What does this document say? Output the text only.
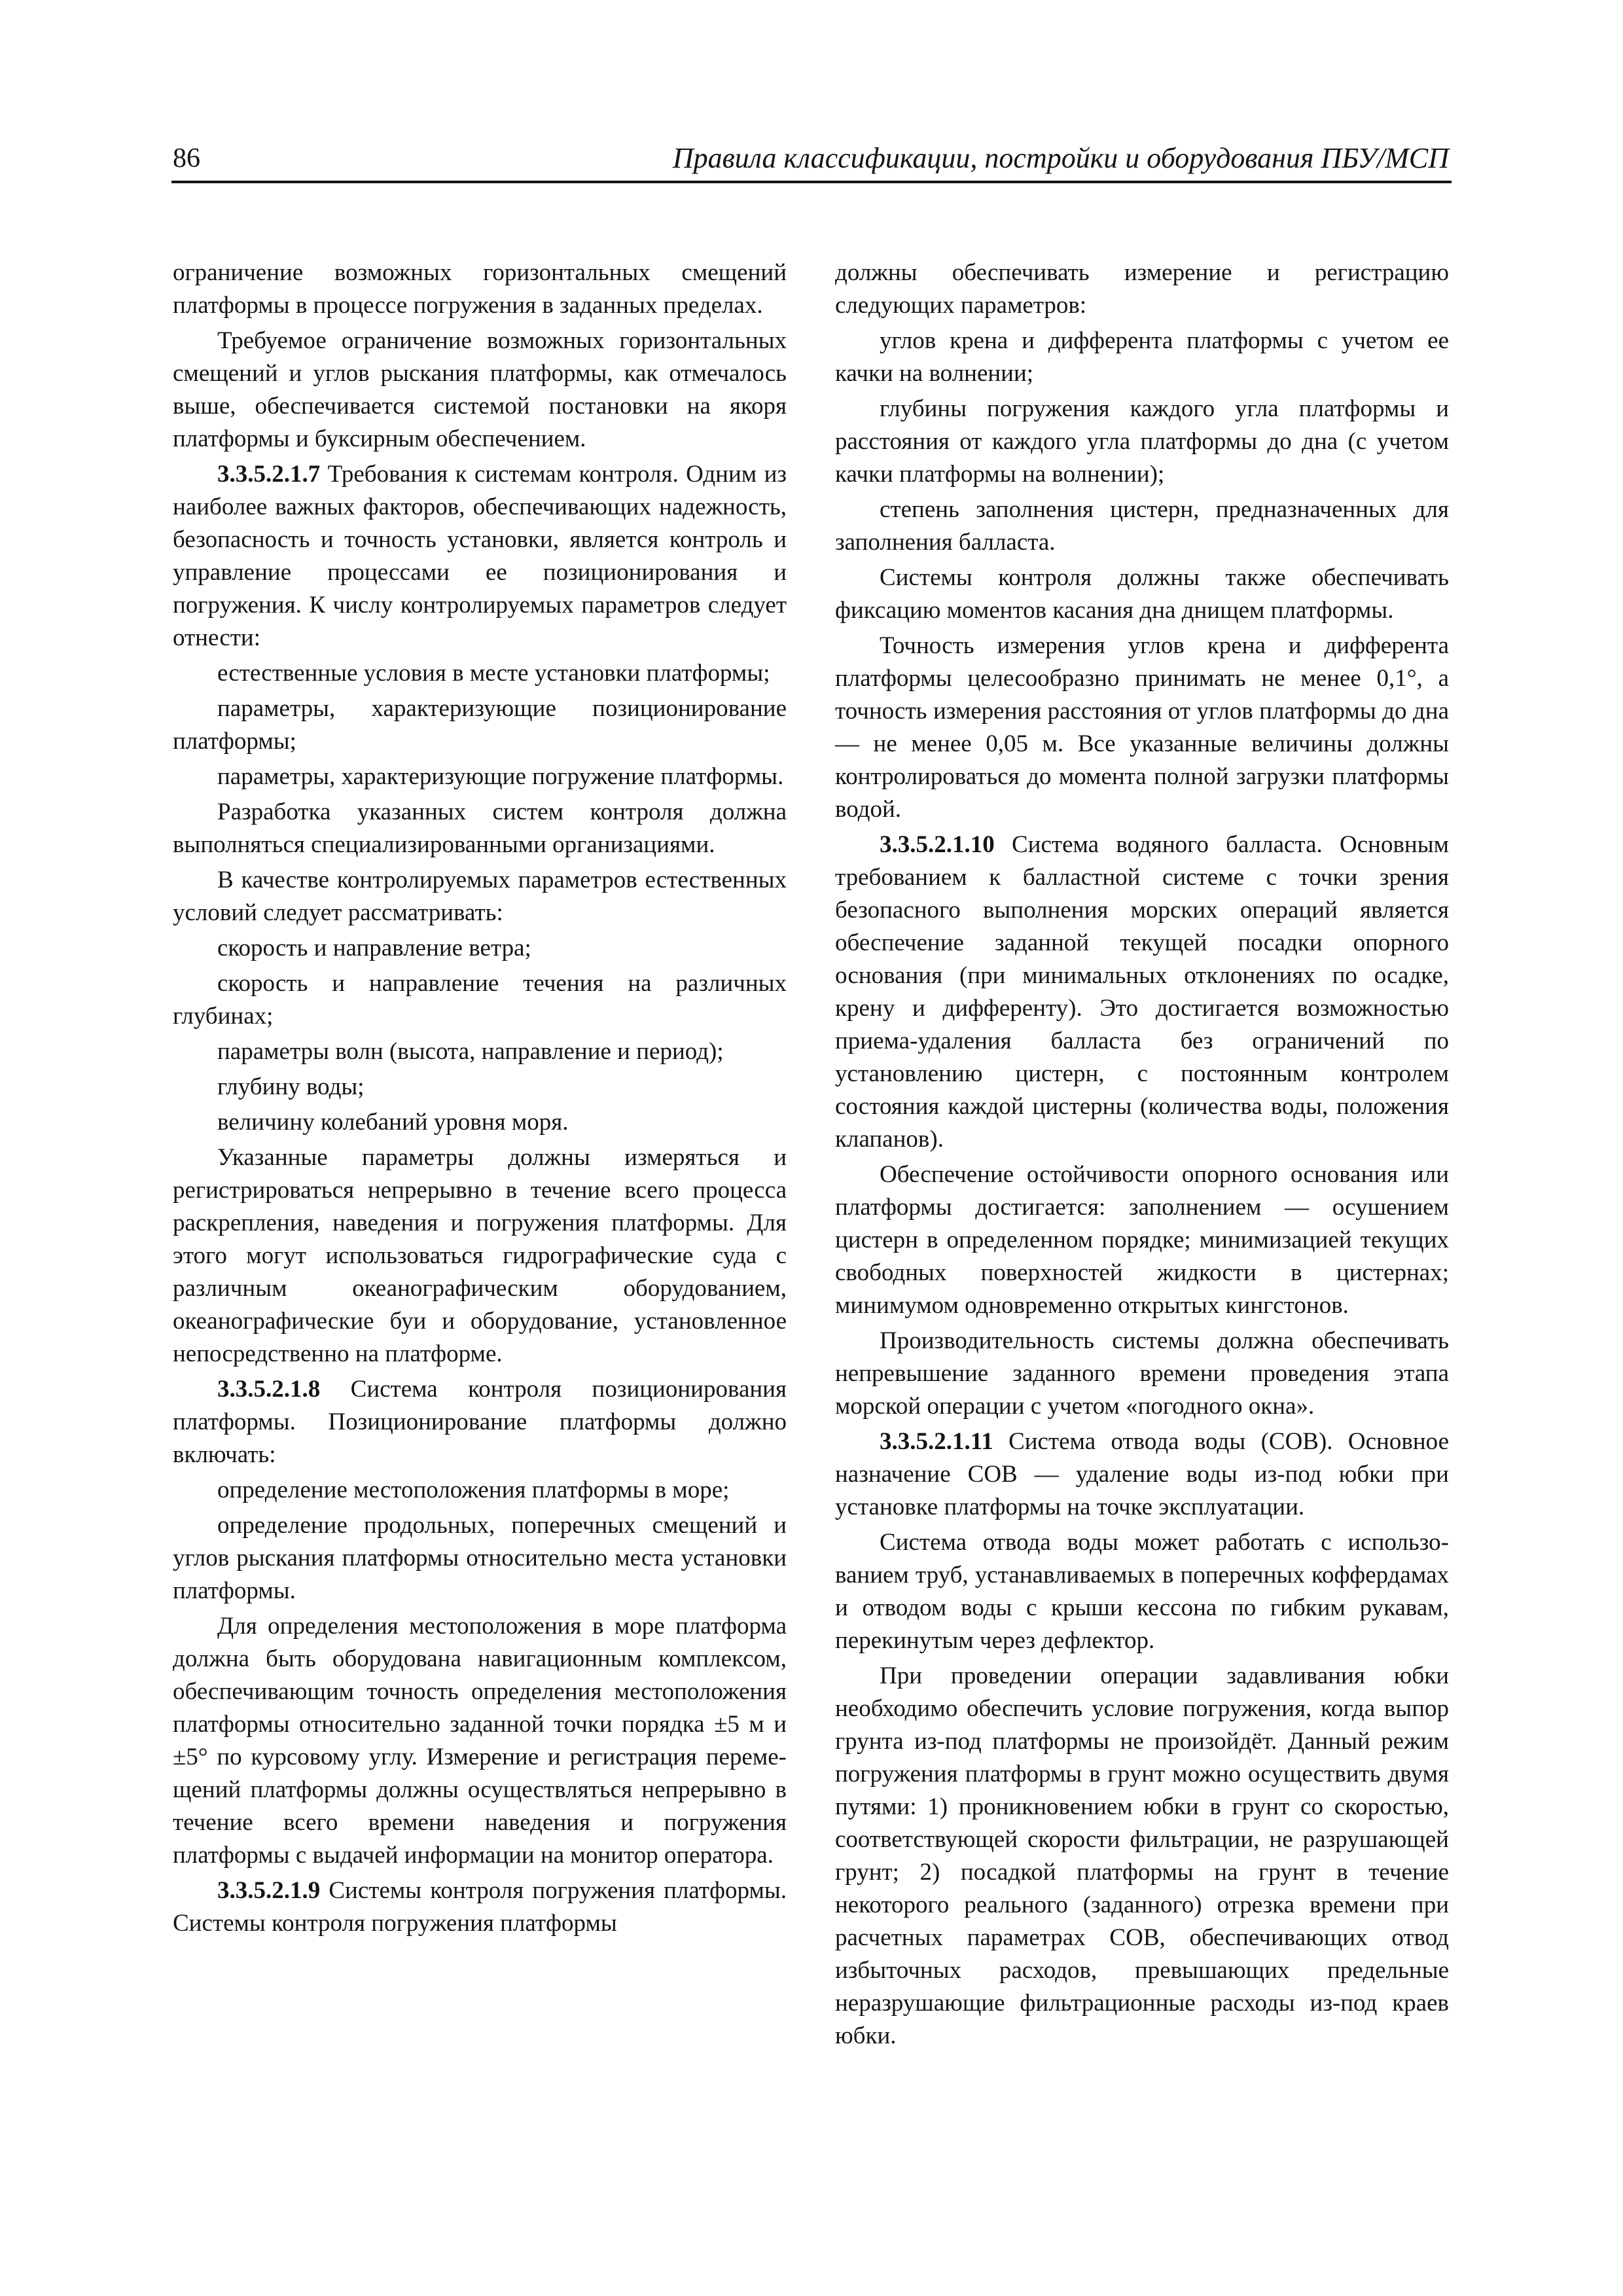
86	Правила классификации, постройки и оборудования ПБУ/МСП

ограничение возможных горизонтальных смещений платформы в процессе погружения в заданных пределах.

Требуемое ограничение возможных горизонтальных смещений и углов рыскания платформы, как отмечалось выше, обеспечивается системой постановки на якоря платформы и буксирным обеспечением.

3.3.5.2.1.7 Требования к системам контроля. Одним из наиболее важных факторов, обеспечивающих надежность, безопасность и точность установки, является контроль и управление процессами ее позиционирования и погружения. К числу контролируемых параметров следует отнести:

естественные условия в месте установки платформы;

параметры, характеризующие позиционирование платформы;

параметры, характеризующие погружение платформы.

Разработка указанных систем контроля должна выполняться специализированными организациями.

В качестве контролируемых параметров естественных условий следует рассматривать:

скорость и направление ветра;

скорость и направление течения на различных глубинах;

параметры волн (высота, направление и период);

глубину воды;

величину колебаний уровня моря.

Указанные параметры должны измеряться и регистрироваться непрерывно в течение всего процесса раскрепления, наведения и погружения платформы. Для этого могут использоваться гидрографические суда с различным океанографическим оборудованием, океанографические буи и оборудование, установленное непосредственно на платформе.

3.3.5.2.1.8 Система контроля позиционирования платформы. Позиционирование платформы должно включать:

определение местоположения платформы в море;

определение продольных, поперечных смещений и углов рыскания платформы относительно места установки платформы.

Для определения местоположения в море платформа должна быть оборудована навигационным комплексом, обеспечивающим точность определения местоположения платформы относительно заданной точки порядка ±5 м и ±5° по курсовому углу. Измерение и регистрация перемещений платформы должны осуществляться непрерывно в течение всего времени наведения и погружения платформы с выдачей информации на монитор оператора.

3.3.5.2.1.9 Системы контроля погружения платформы. Системы контроля погружения платформы

должны обеспечивать измерение и регистрацию следующих параметров:

углов крена и дифферента платформы с учетом ее качки на волнении;

глубины погружения каждого угла платформы и расстояния от каждого угла платформы до дна (с учетом качки платформы на волнении);

степень заполнения цистерн, предназначенных для заполнения балласта.

Системы контроля должны также обеспечивать фиксацию моментов касания дна днищем платформы.

Точность измерения углов крена и дифферента платформы целесообразно принимать не менее 0,1°, а точность измерения расстояния от углов платформы до дна — не менее 0,05 м. Все указанные величины должны контролироваться до момента полной загрузки платформы водой.

3.3.5.2.1.10 Система водяного балласта. Основным требованием к балластной системе с точки зрения безопасного выполнения морских операций является обеспечение заданной текущей посадки опорного основания (при минимальных отклонениях по осадке, крену и дифференту). Это достигается возможностью приема-удаления балласта без ограничений по установлению цистерн, с постоянным контролем состояния каждой цистерны (количества воды, положения клапанов).

Обеспечение остойчивости опорного основания или платформы достигается: заполнением — осушением цистерн в определенном порядке; минимизацией текущих свободных поверхностей жидкости в цистернах; минимумом одновременно открытых кингстонов.

Производительность системы должна обеспечивать непревышение заданного времени проведения этапа морской операции с учетом «погодного окна».

3.3.5.2.1.11 Система отвода воды (СОВ). Основное назначение СОВ — удаление воды из-под юбки при установке платформы на точке эксплуатации.

Система отвода воды может работать с использованием труб, устанавливаемых в поперечных коффердамах и отводом воды с крыши кессона по гибким рукавам, перекинутым через дефлектор.

При проведении операции задавливания юбки необходимо обеспечить условие погружения, когда выпор грунта из-под платформы не произойдёт. Данный режим погружения платформы в грунт можно осуществить двумя путями: 1) проникновением юбки в грунт со скоростью, соответствующей скорости фильтрации, не разрушающей грунт; 2) посадкой платформы на грунт в течение некоторого реального (заданного) отрезка времени при расчетных параметрах СОВ, обеспечивающих отвод избыточных расходов, превышающих предельные неразрушающие фильтрационные расходы из-под краев юбки.
